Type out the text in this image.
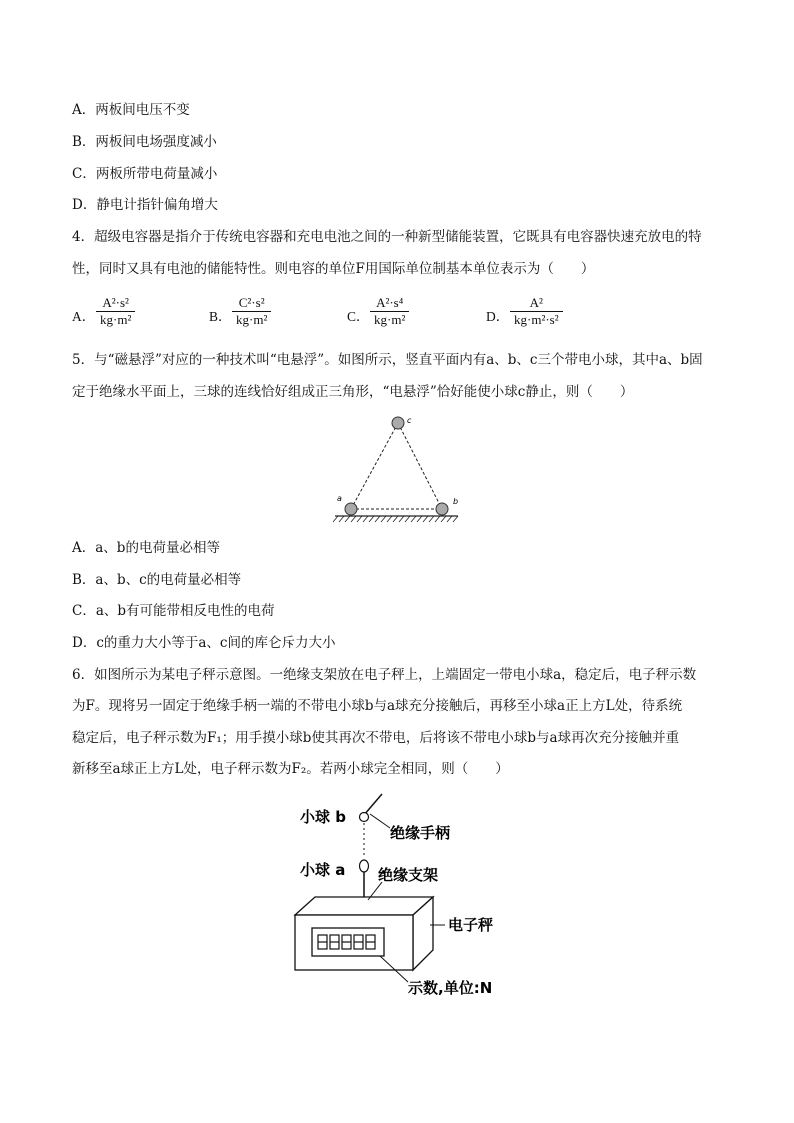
A．两板间电压不变
B．两板间电场强度减小
C．两板所带电荷量减小
D．静电计指针偏角增大
4．超级电容器是指介于传统电容器和充电电池之间的一种新型储能装置，它既具有电容器快速充放电的特
性，同时又具有电池的储能特性。则电容的单位F用国际单位制基本单位表示为（　　）
A． $\frac{\text{A²·s²}}{\text{kg·m²}}$	B． $\frac{\text{C²·s²}}{\text{kg·m²}}$	C． $\frac{\text{A²·s⁴}}{\text{kg·m²}}$	D． $\frac{\text{A²}}{\text{kg·m²·s²}}$
5．与“磁悬浮”对应的一种技术叫“电悬浮”。如图所示，竖直平面内有a、b、c三个带电小球，其中a、b固
定于绝缘水平面上，三球的连线恰好组成正三角形，“电悬浮”恰好能使小球c静止，则（　　）
c
a	b
A．a、b的电荷量必相等
B．a、b、c的电荷量必相等
C．a、b有可能带相反电性的电荷
D．c的重力大小等于a、c间的库仑斥力大小
6．如图所示为某电子秤示意图。一绝缘支架放在电子秤上，上端固定一带电小球a，稳定后，电子秤示数
为F。现将另一固定于绝缘手柄一端的不带电小球b与a球充分接触后，再移至小球a正上方L处，待系统
稳定后，电子秤示数为F₁；用手摸小球b使其再次不带电，后将该不带电小球b与a球再次充分接触并重
新移至a球正上方L处，电子秤示数为F₂。若两小球完全相同，则（　　）
小球 b
小球 a
绝缘手柄
绝缘支架
电子秤
示数,单位:N
